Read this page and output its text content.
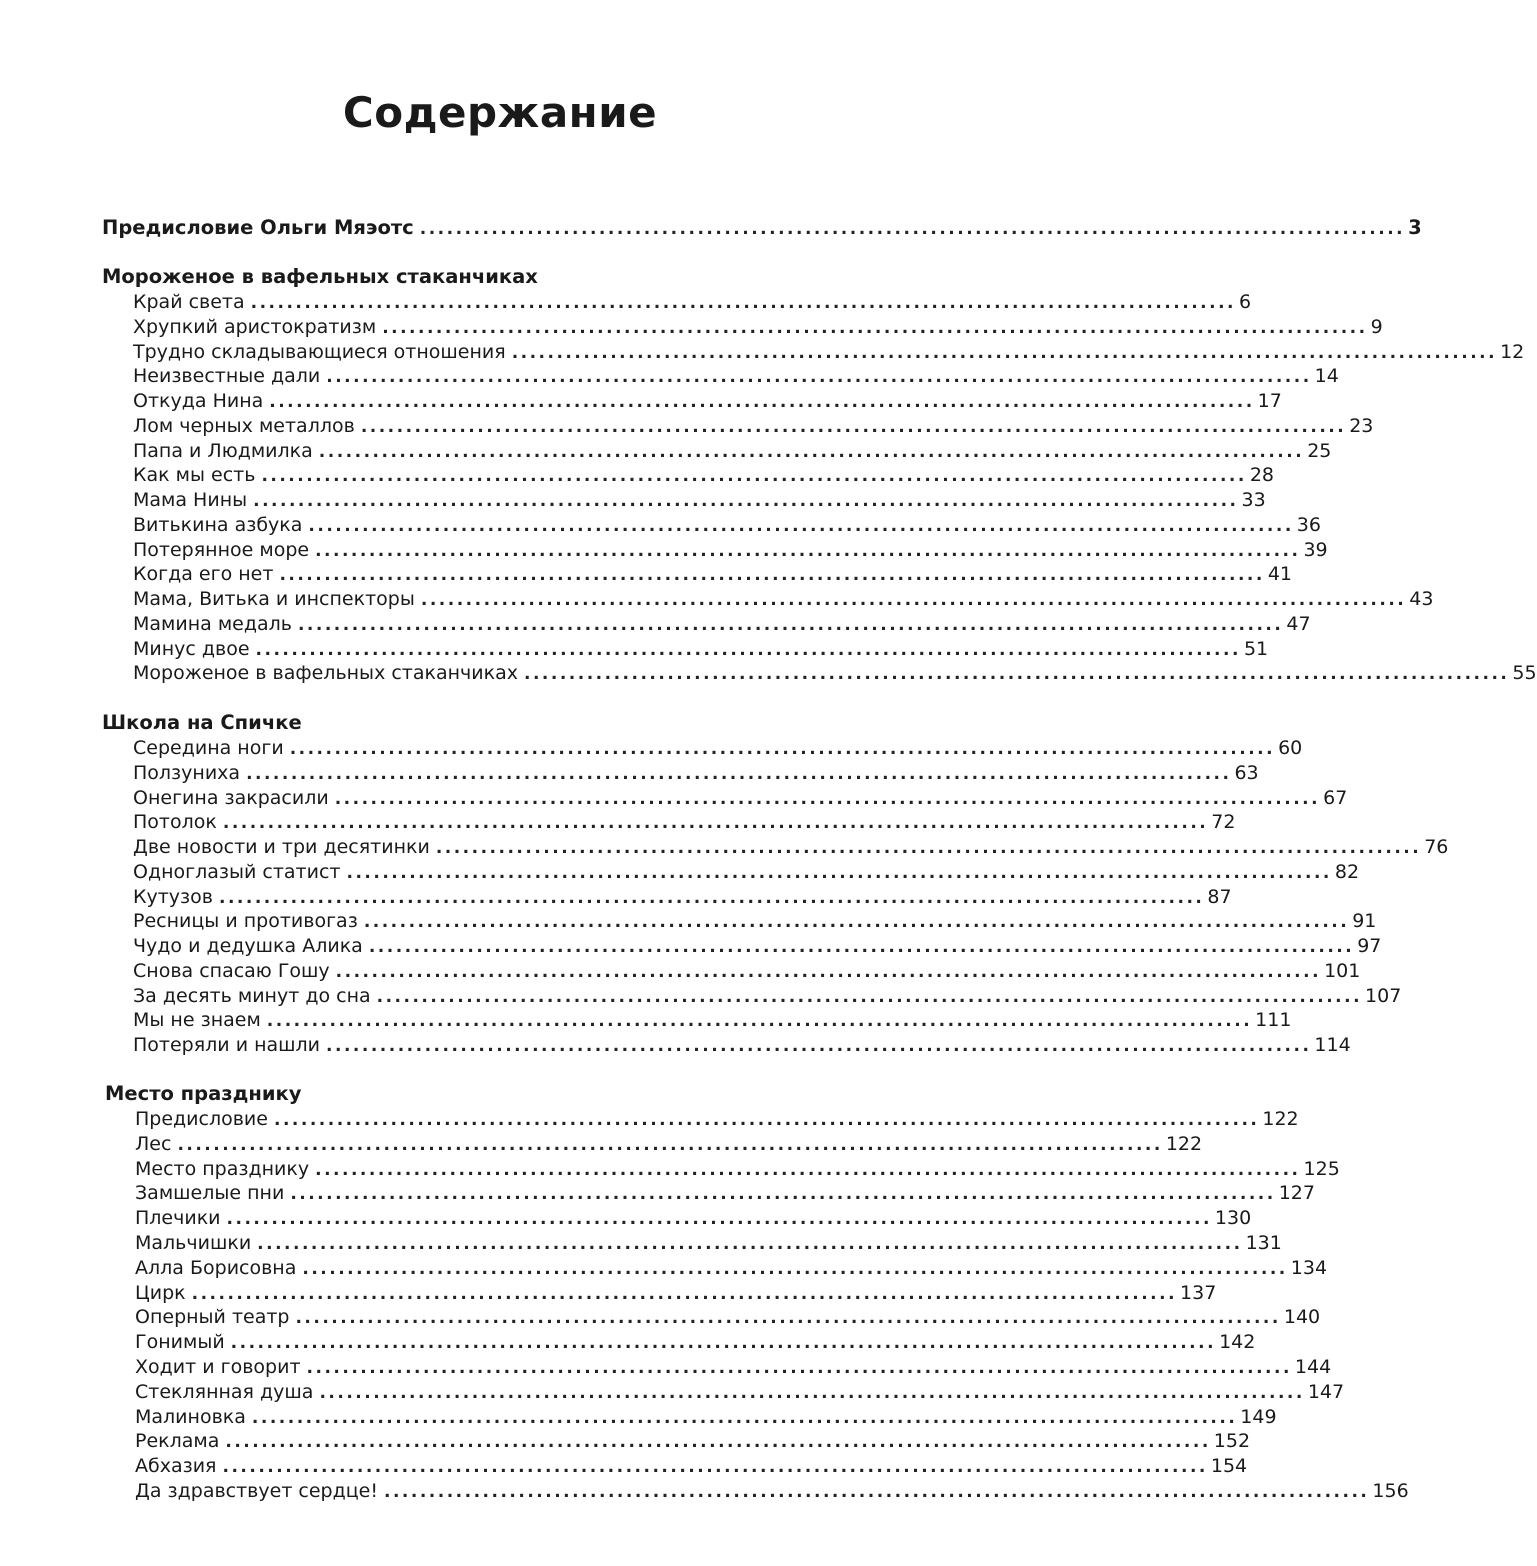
Содержание
Предисловие Ольги Мяэотс .............................................................................................................. 3
Мороженое в вафельных стаканчиках
Школа на Спичке
Место празднику
Край света .............................................................................................................. 6
Хрупкий аристократизм .............................................................................................................. 9
Трудно складывающиеся отношения .............................................................................................................. 12
Неизвестные дали .............................................................................................................. 14
Откуда Нина .............................................................................................................. 17
Лом черных металлов .............................................................................................................. 23
Папа и Людмилка .............................................................................................................. 25
Как мы есть .............................................................................................................. 28
Мама Нины .............................................................................................................. 33
Витькина азбука .............................................................................................................. 36
Потерянное море .............................................................................................................. 39
Когда его нет .............................................................................................................. 41
Мама, Витька и инспекторы .............................................................................................................. 43
Мамина медаль .............................................................................................................. 47
Минус двое .............................................................................................................. 51
Мороженое в вафельных стаканчиках .............................................................................................................. 55
Середина ноги .............................................................................................................. 60
Ползуниха .............................................................................................................. 63
Онегина закрасили .............................................................................................................. 67
Потолок .............................................................................................................. 72
Две новости и три десятинки .............................................................................................................. 76
Одноглазый статист .............................................................................................................. 82
Кутузов .............................................................................................................. 87
Ресницы и противогаз .............................................................................................................. 91
Чудо и дедушка Алика .............................................................................................................. 97
Снова спасаю Гошу .............................................................................................................. 101
За десять минут до сна .............................................................................................................. 107
Мы не знаем .............................................................................................................. 111
Потеряли и нашли .............................................................................................................. 114
Предисловие .............................................................................................................. 122
Лес .............................................................................................................. 122
Место празднику .............................................................................................................. 125
Замшелые пни .............................................................................................................. 127
Плечики .............................................................................................................. 130
Мальчишки .............................................................................................................. 131
Алла Борисовна .............................................................................................................. 134
Цирк .............................................................................................................. 137
Оперный театр .............................................................................................................. 140
Гонимый .............................................................................................................. 142
Ходит и говорит .............................................................................................................. 144
Стеклянная душа .............................................................................................................. 147
Малиновка .............................................................................................................. 149
Реклама .............................................................................................................. 152
Абхазия .............................................................................................................. 154
Да здравствует сердце! .............................................................................................................. 156
